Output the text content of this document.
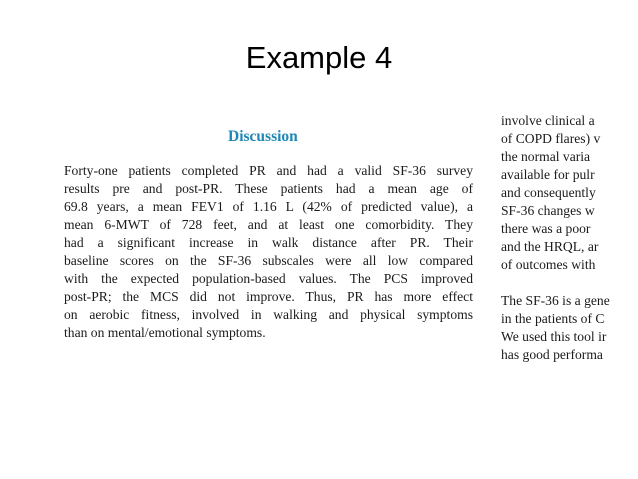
Example 4
Discussion
Forty-one patients completed PR and had a valid SF-36 survey
results pre and post-PR. These patients had a mean age of
69.8 years, a mean FEV1 of 1.16 L (42% of predicted value), a
mean 6-MWT of 728 feet, and at least one comorbidity. They
had a significant increase in walk distance after PR. Their
baseline scores on the SF-36 subscales were all low compared
with the expected population-based values. The PCS improved
post-PR; the MCS did not improve. Thus, PR has more effect
on aerobic fitness, involved in walking and physical symptoms
than on mental/emotional symptoms.
involve clinical a
of COPD flares) v
the normal varia
available for pulr
and consequently
SF-36 changes w
there was a poor
and the HRQL, ar
of outcomes with
The SF-36 is a gene
in the patients of C
We used this tool ir
has good performa
